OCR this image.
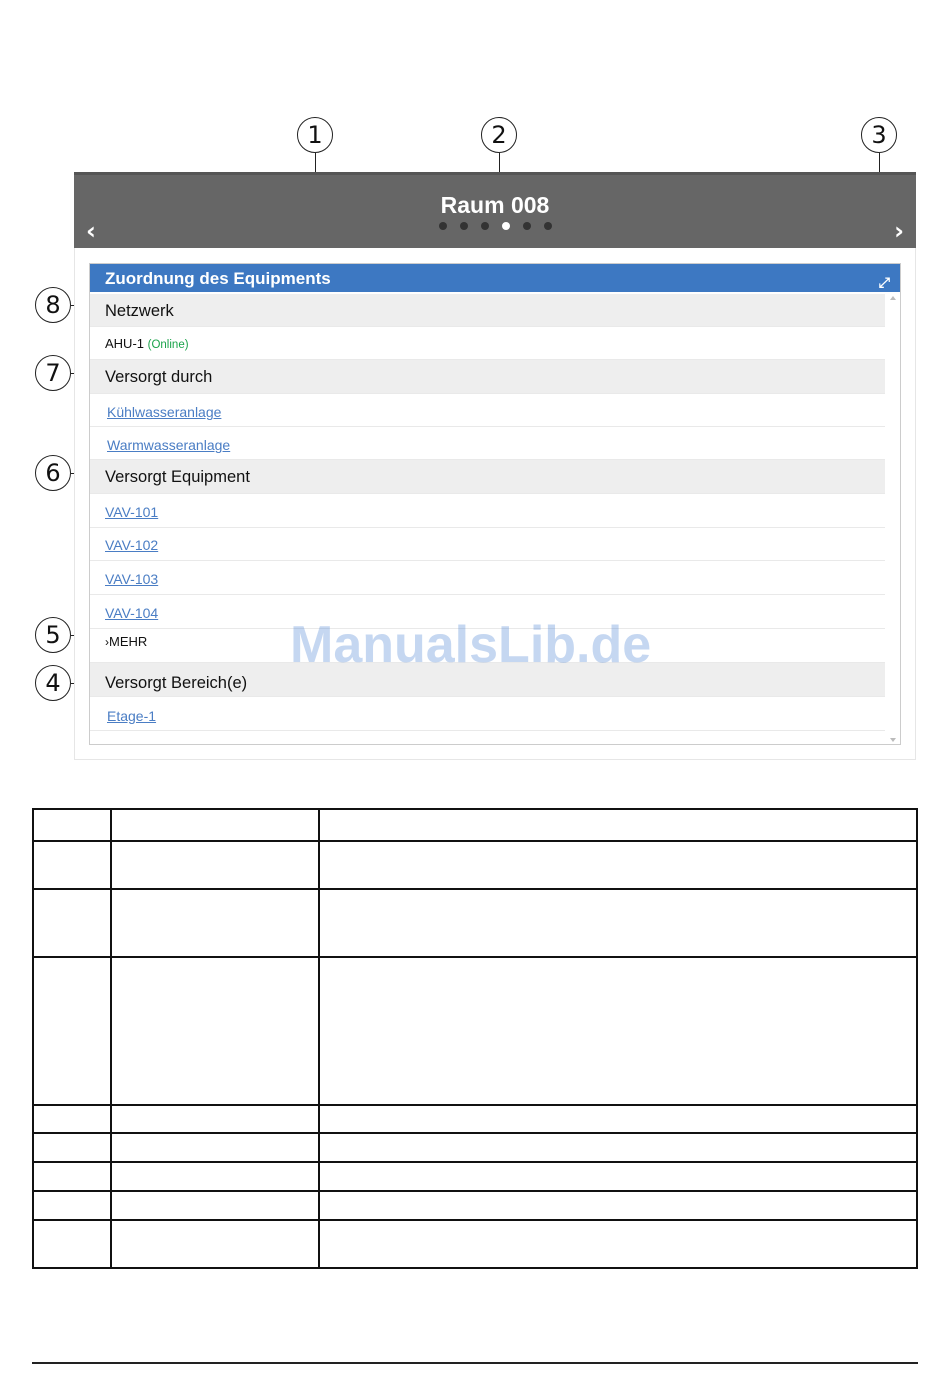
‹
Raum 008
›
Zuordnung des Equipments	⤢
Netzwerk
AHU-1 (Online)
Versorgt durch
Kühlwasseranlage
Warmwasseranlage
Versorgt Equipment
VAV-101
VAV-102
VAV-103
VAV-104
›MEHR
Versorgt Bereich(e)
Etage-1
ManualsLib.de
1	2	3
8
7
6
5
4
